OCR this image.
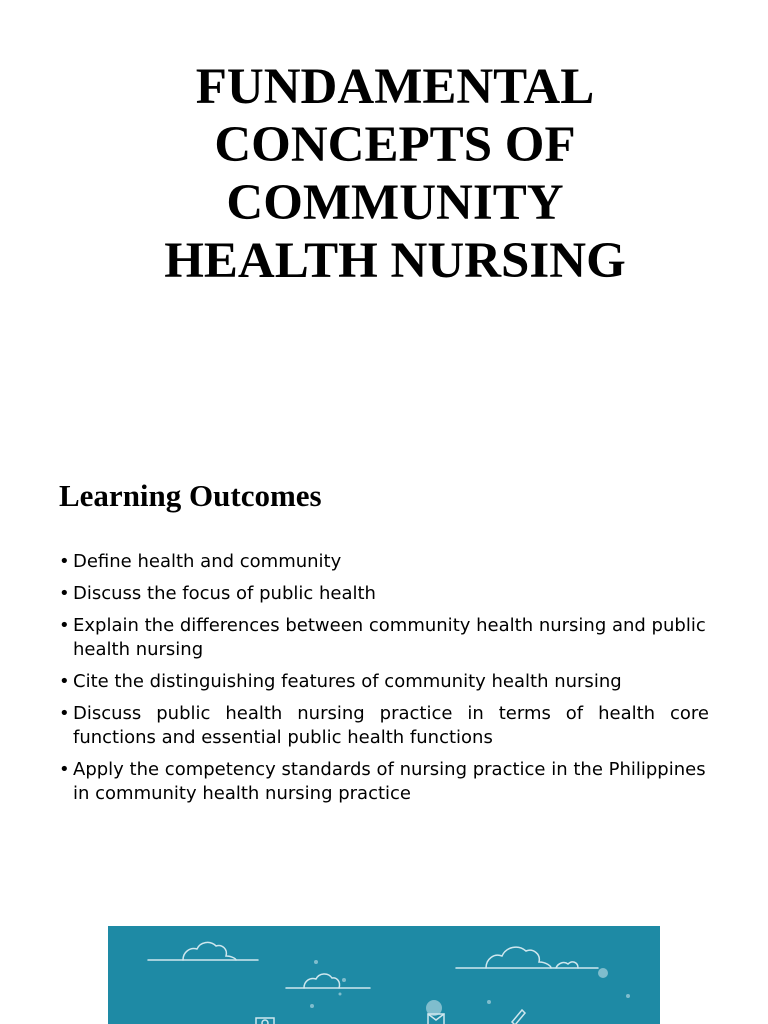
FUNDAMENTAL
CONCEPTS OF
COMMUNITY
HEALTH NURSING
Learning Outcomes
• Define health and community
• Discuss the focus of public health
• Explain the differences between community health nursing and public health nursing
• Cite the distinguishing features of community health nursing
• Discuss public health nursing practice in terms of health core functions and essential public health functions
• Apply the competency standards of nursing practice in the Philippines in community health nursing practice
